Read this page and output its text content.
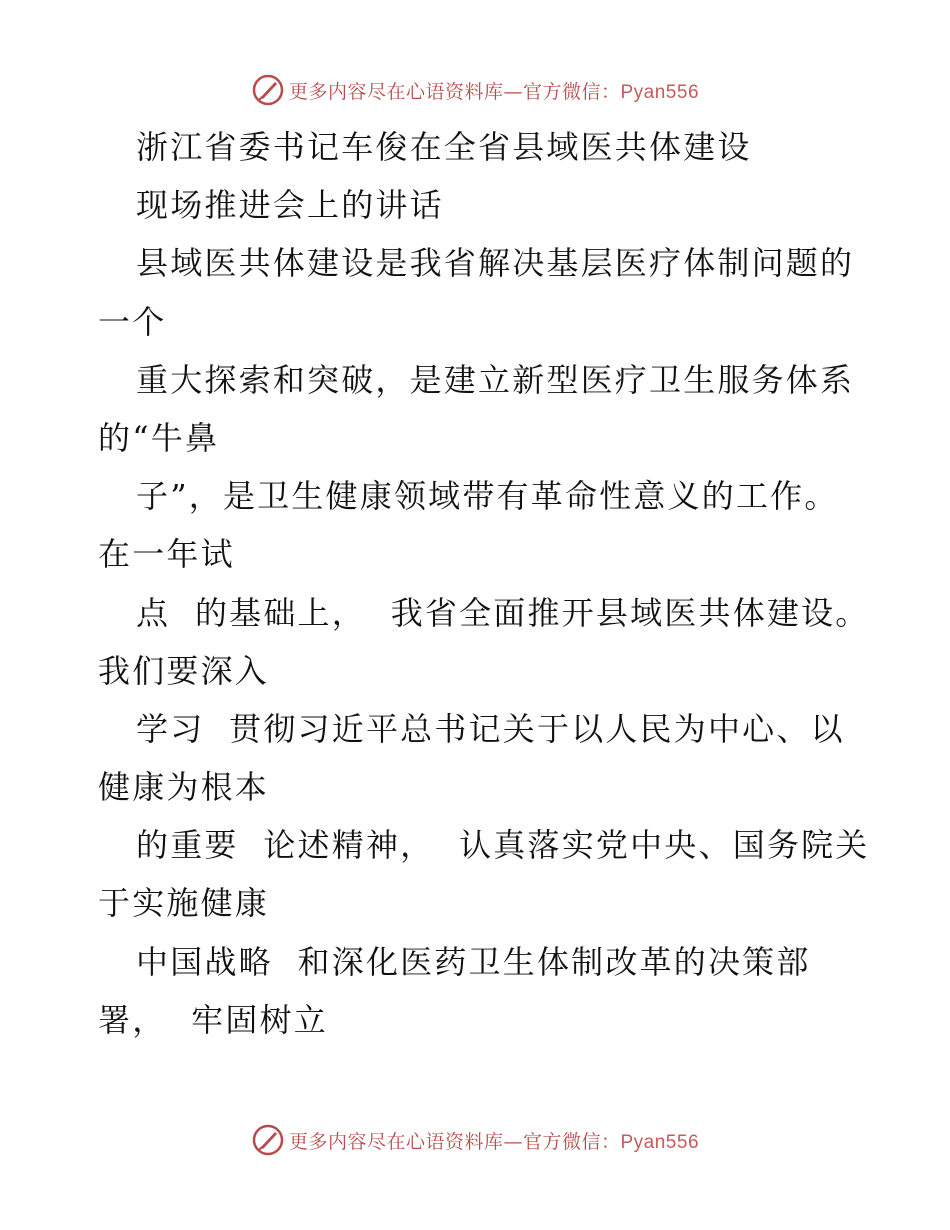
更多内容尽在心语资料库—官方微信：Pyan556
浙江省委书记车俊在全省县域医共体建设
现场推进会上的讲话
县域医共体建设是我省解决基层医疗体制问题的
一个
重大探索和突破，是建立新型医疗卫生服务体系
的“牛鼻
子”，是卫生健康领域带有革命性意义的工作。
在一年试
点  的基础上，  我省全面推开县域医共体建设。
我们要深入
学习  贯彻习近平总书记关于以人民为中心、以
健康为根本
的重要  论述精神，  认真落实党中央、国务院关
于实施健康
中国战略  和深化医药卫生体制改革的决策部
署，  牢固树立
更多内容尽在心语资料库—官方微信：Pyan556
